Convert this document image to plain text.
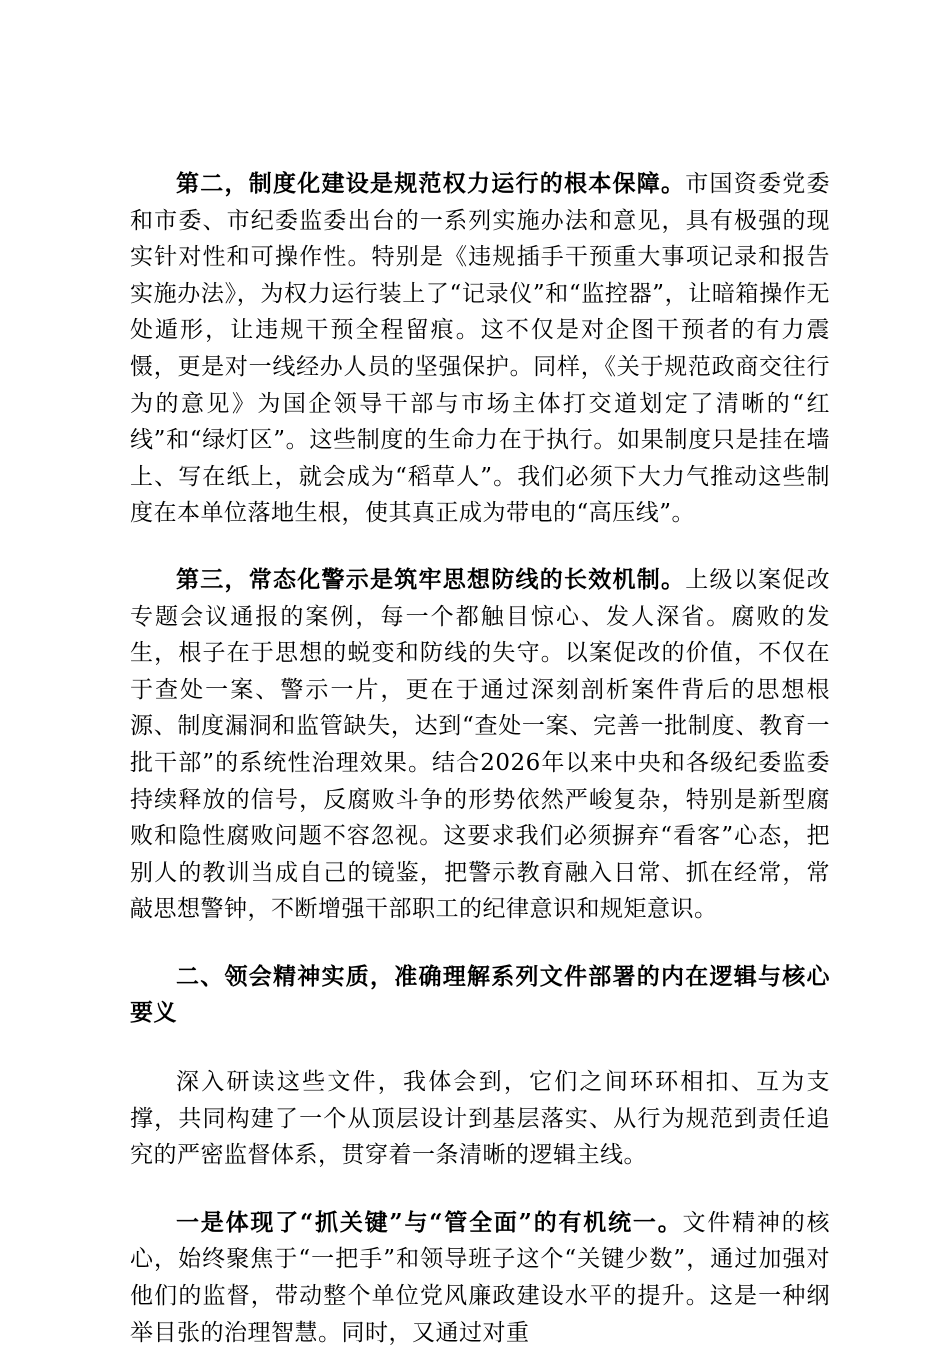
第二，制度化建设是规范权力运行的根本保障。市国资委党委和市委、市纪委监委出台的一系列实施办法和意见，具有极强的现实针对性和可操作性。特别是《违规插手干预重大事项记录和报告实施办法》，为权力运行装上了“记录仪”和“监控器”，让暗箱操作无处遁形，让违规干预全程留痕。这不仅是对企图干预者的有力震慑，更是对一线经办人员的坚强保护。同样，《关于规范政商交往行为的意见》为国企领导干部与市场主体打交道划定了清晰的“红线”和“绿灯区”。这些制度的生命力在于执行。如果制度只是挂在墙上、写在纸上，就会成为“稻草人”。我们必须下大力气推动这些制度在本单位落地生根，使其真正成为带电的“高压线”。

第三，常态化警示是筑牢思想防线的长效机制。上级以案促改专题会议通报的案例，每一个都触目惊心、发人深省。腐败的发生，根子在于思想的蜕变和防线的失守。以案促改的价值，不仅在于查处一案、警示一片，更在于通过深刻剖析案件背后的思想根源、制度漏洞和监管缺失，达到“查处一案、完善一批制度、教育一批干部”的系统性治理效果。结合2026年以来中央和各级纪委监委持续释放的信号，反腐败斗争的形势依然严峻复杂，特别是新型腐败和隐性腐败问题不容忽视。这要求我们必须摒弃“看客”心态，把别人的教训当成自己的镜鉴，把警示教育融入日常、抓在经常，常敲思想警钟，不断增强干部职工的纪律意识和规矩意识。

二、领会精神实质，准确理解系列文件部署的内在逻辑与核心要义

深入研读这些文件，我体会到，它们之间环环相扣、互为支撑，共同构建了一个从顶层设计到基层落实、从行为规范到责任追究的严密监督体系，贯穿着一条清晰的逻辑主线。

一是体现了“抓关键”与“管全面”的有机统一。文件精神的核心，始终聚焦于“一把手”和领导班子这个“关键少数”，通过加强对他们的监督，带动整个单位党风廉政建设水平的提升。这是一种纲举目张的治理智慧。同时，又通过对重
